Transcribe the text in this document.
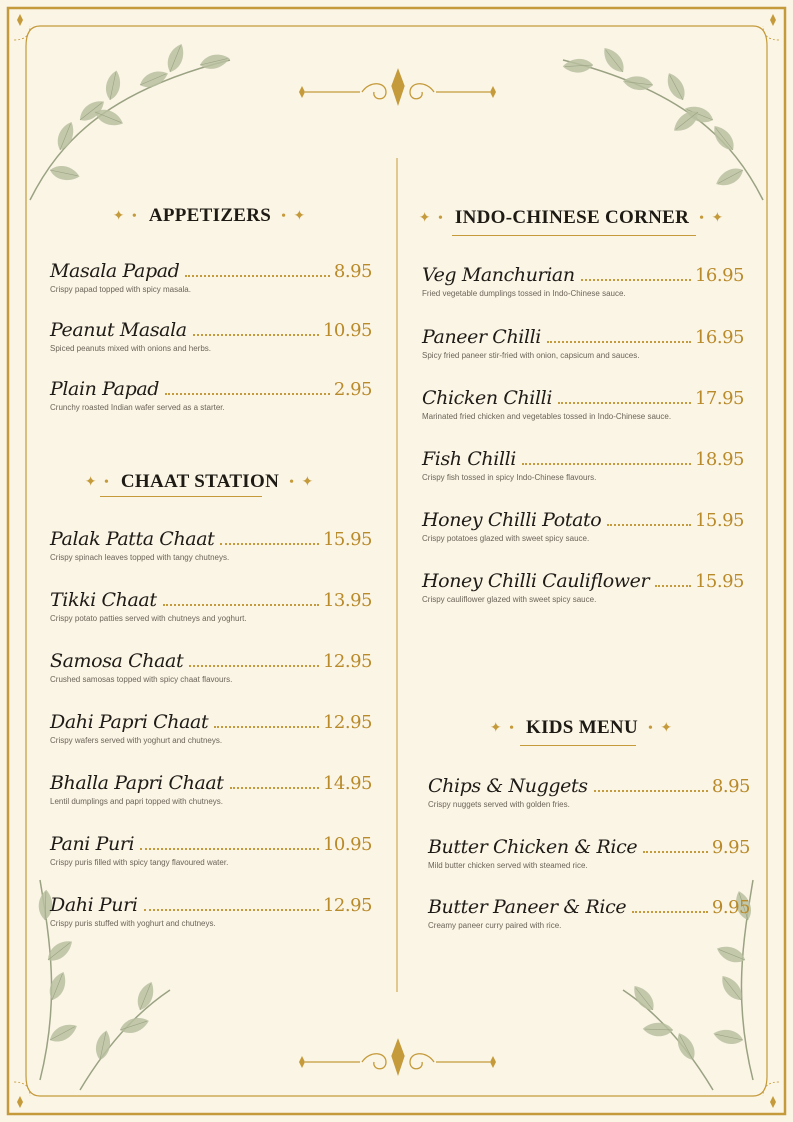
✦ • APPETIZERS • ✦
Masala Papad	8.95
Crispy papad topped with spicy masala.
Peanut Masala	10.95
Spiced peanuts mixed with onions and herbs.
Plain Papad	2.95
Crunchy roasted Indian wafer served as a starter.
✦ • CHAAT STATION • ✦
Palak Patta Chaat	15.95
Crispy spinach leaves topped with tangy chutneys.
Tikki Chaat	13.95
Crispy potato patties served with chutneys and yoghurt.
Samosa Chaat	12.95
Crushed samosas topped with spicy chaat flavours.
Dahi Papri Chaat	12.95
Crispy wafers served with yoghurt and chutneys.
Bhalla Papri Chaat	14.95
Lentil dumplings and papri topped with chutneys.
Pani Puri	10.95
Crispy puris filled with spicy tangy flavoured water.
Dahi Puri	12.95
Crispy puris stuffed with yoghurt and chutneys.
✦ • INDO-CHINESE CORNER • ✦
Veg Manchurian	16.95
Fried vegetable dumplings tossed in Indo-Chinese sauce.
Paneer Chilli	16.95
Spicy fried paneer stir-fried with onion, capsicum and sauces.
Chicken Chilli	17.95
Marinated fried chicken and vegetables tossed in Indo-Chinese sauce.
Fish Chilli	18.95
Crispy fish tossed in spicy Indo-Chinese flavours.
Honey Chilli Potato	15.95
Crispy potatoes glazed with sweet spicy sauce.
Honey Chilli Cauliflower	15.95
Crispy cauliflower glazed with sweet spicy sauce.
✦ • KIDS MENU • ✦
Chips & Nuggets	8.95
Crispy nuggets served with golden fries.
Butter Chicken & Rice	9.95
Mild butter chicken served with steamed rice.
Butter Paneer & Rice	9.95
Creamy paneer curry paired with rice.
